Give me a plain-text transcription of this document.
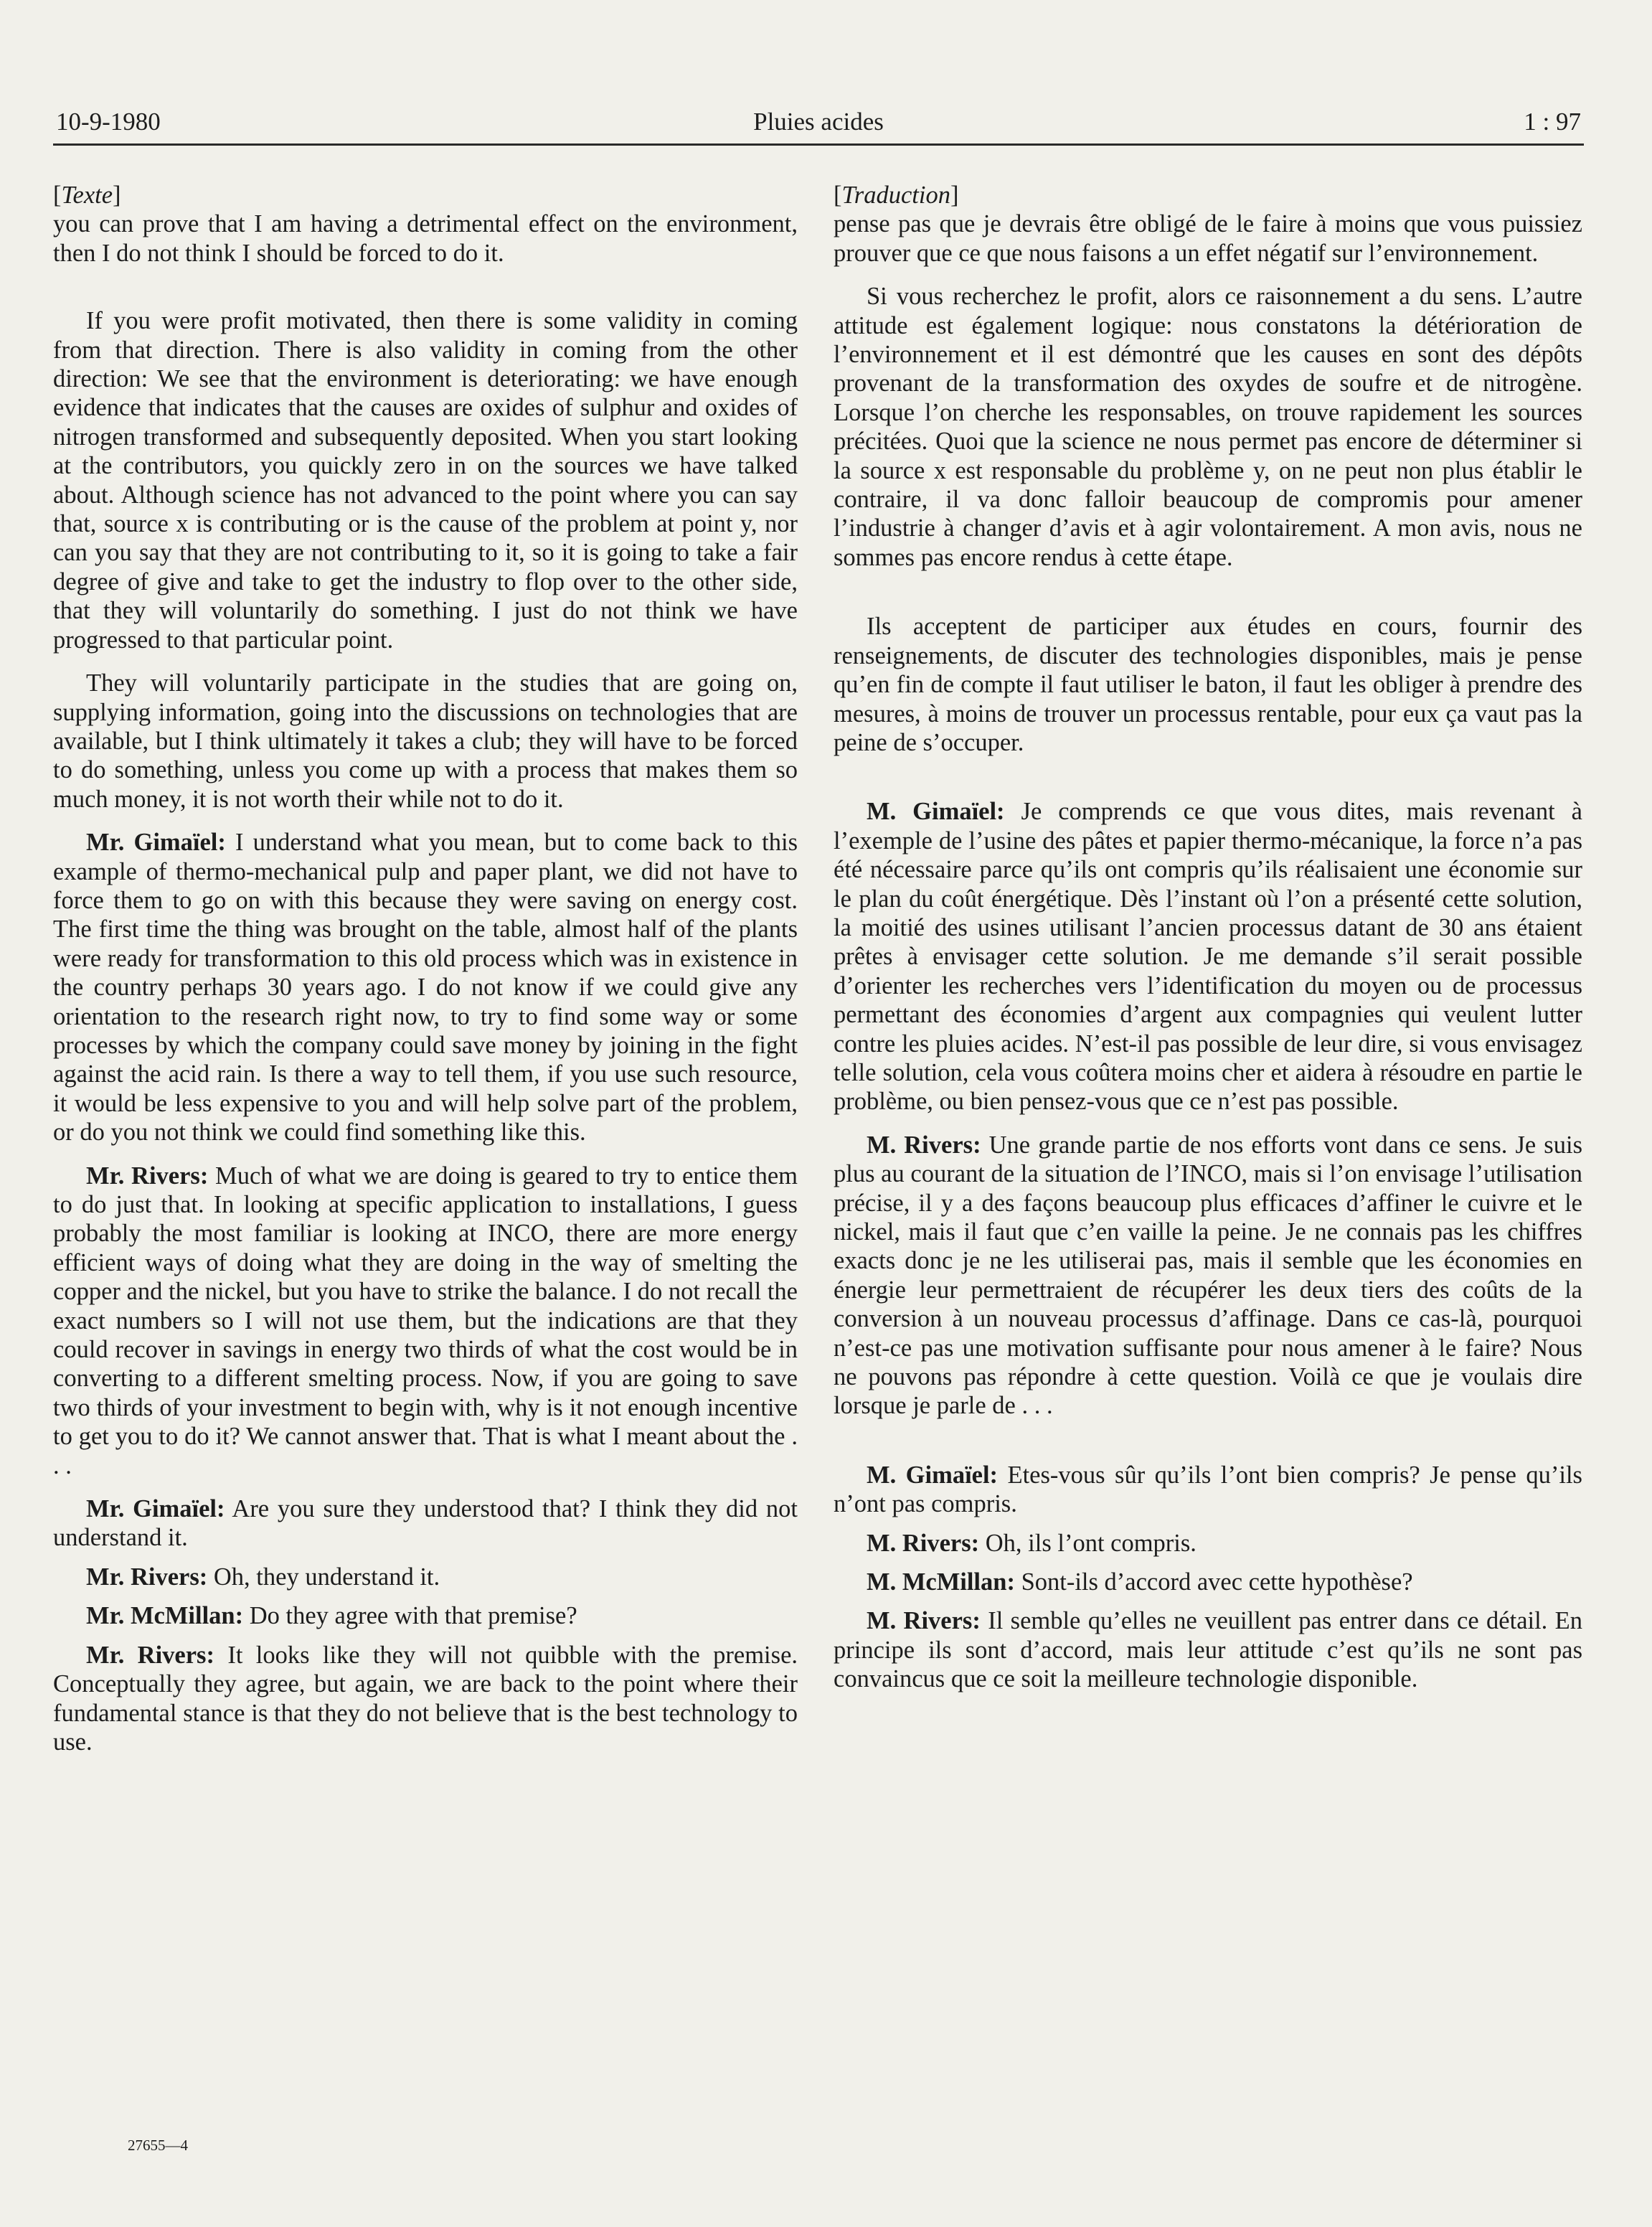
10-9-1980	Pluies acides	1 : 97

[Texte]

you can prove that I am having a detrimental effect on the environment, then I do not think I should be forced to do it.

If you were profit motivated, then there is some validity in coming from that direction. There is also validity in coming from the other direction: We see that the environment is deteriorating: we have enough evidence that indicates that the causes are oxides of sulphur and oxides of nitrogen transformed and subsequently deposited. When you start looking at the contributors, you quickly zero in on the sources we have talked about. Although science has not advanced to the point where you can say that, source x is contributing or is the cause of the problem at point y, nor can you say that they are not contributing to it, so it is going to take a fair degree of give and take to get the industry to flop over to the other side, that they will voluntarily do something. I just do not think we have progressed to that particular point.

They will voluntarily participate in the studies that are going on, supplying information, going into the discussions on technologies that are available, but I think ultimately it takes a club; they will have to be forced to do something, unless you come up with a process that makes them so much money, it is not worth their while not to do it.

Mr. Gimaïel: I understand what you mean, but to come back to this example of thermo-mechanical pulp and paper plant, we did not have to force them to go on with this because they were saving on energy cost. The first time the thing was brought on the table, almost half of the plants were ready for transformation to this old process which was in existence in the country perhaps 30 years ago. I do not know if we could give any orientation to the research right now, to try to find some way or some processes by which the company could save money by joining in the fight against the acid rain. Is there a way to tell them, if you use such resource, it would be less expensive to you and will help solve part of the problem, or do you not think we could find something like this.

Mr. Rivers: Much of what we are doing is geared to try to entice them to do just that. In looking at specific application to installations, I guess probably the most familiar is looking at INCO, there are more energy efficient ways of doing what they are doing in the way of smelting the copper and the nickel, but you have to strike the balance. I do not recall the exact numbers so I will not use them, but the indications are that they could recover in savings in energy two thirds of what the cost would be in converting to a different smelting process. Now, if you are going to save two thirds of your investment to begin with, why is it not enough incentive to get you to do it? We cannot answer that. That is what I meant about the . . .

Mr. Gimaïel: Are you sure they understood that? I think they did not understand it.

Mr. Rivers: Oh, they understand it.

Mr. McMillan: Do they agree with that premise?

Mr. Rivers: It looks like they will not quibble with the premise. Conceptually they agree, but again, we are back to the point where their fundamental stance is that they do not believe that is the best technology to use.

[Traduction]

pense pas que je devrais être obligé de le faire à moins que vous puissiez prouver que ce que nous faisons a un effet négatif sur l’environnement.

Si vous recherchez le profit, alors ce raisonnement a du sens. L’autre attitude est également logique: nous constatons la détérioration de l’environnement et il est démontré que les causes en sont des dépôts provenant de la transformation des oxydes de soufre et de nitrogène. Lorsque l’on cherche les responsables, on trouve rapidement les sources précitées. Quoi que la science ne nous permet pas encore de déterminer si la source x est responsable du problème y, on ne peut non plus établir le contraire, il va donc falloir beaucoup de compromis pour amener l’industrie à changer d’avis et à agir volontairement. A mon avis, nous ne sommes pas encore rendus à cette étape.

Ils acceptent de participer aux études en cours, fournir des renseignements, de discuter des technologies disponibles, mais je pense qu’en fin de compte il faut utiliser le baton, il faut les obliger à prendre des mesures, à moins de trouver un processus rentable, pour eux ça vaut pas la peine de s’occuper.

M. Gimaïel: Je comprends ce que vous dites, mais revenant à l’exemple de l’usine des pâtes et papier thermo-mécanique, la force n’a pas été nécessaire parce qu’ils ont compris qu’ils réalisaient une économie sur le plan du coût énergétique. Dès l’instant où l’on a présenté cette solution, la moitié des usines utilisant l’ancien processus datant de 30 ans étaient prêtes à envisager cette solution. Je me demande s’il serait possible d’orienter les recherches vers l’identification du moyen ou de processus permettant des économies d’argent aux compagnies qui veulent lutter contre les pluies acides. N’est-il pas possible de leur dire, si vous envisagez telle solution, cela vous coûtera moins cher et aidera à résoudre en partie le problème, ou bien pensez-vous que ce n’est pas possible.

M. Rivers: Une grande partie de nos efforts vont dans ce sens. Je suis plus au courant de la situation de l’INCO, mais si l’on envisage l’utilisation précise, il y a des façons beaucoup plus efficaces d’affiner le cuivre et le nickel, mais il faut que c’en vaille la peine. Je ne connais pas les chiffres exacts donc je ne les utiliserai pas, mais il semble que les économies en énergie leur permettraient de récupérer les deux tiers des coûts de la conversion à un nouveau processus d’affinage. Dans ce cas-là, pourquoi n’est-ce pas une motivation suffisante pour nous amener à le faire? Nous ne pouvons pas répondre à cette question. Voilà ce que je voulais dire lorsque je parle de . . .

M. Gimaïel: Etes-vous sûr qu’ils l’ont bien compris? Je pense qu’ils n’ont pas compris.

M. Rivers: Oh, ils l’ont compris.

M. McMillan: Sont-ils d’accord avec cette hypothèse?

M. Rivers: Il semble qu’elles ne veuillent pas entrer dans ce détail. En principe ils sont d’accord, mais leur attitude c’est qu’ils ne sont pas convaincus que ce soit la meilleure technologie disponible.

27655—4
